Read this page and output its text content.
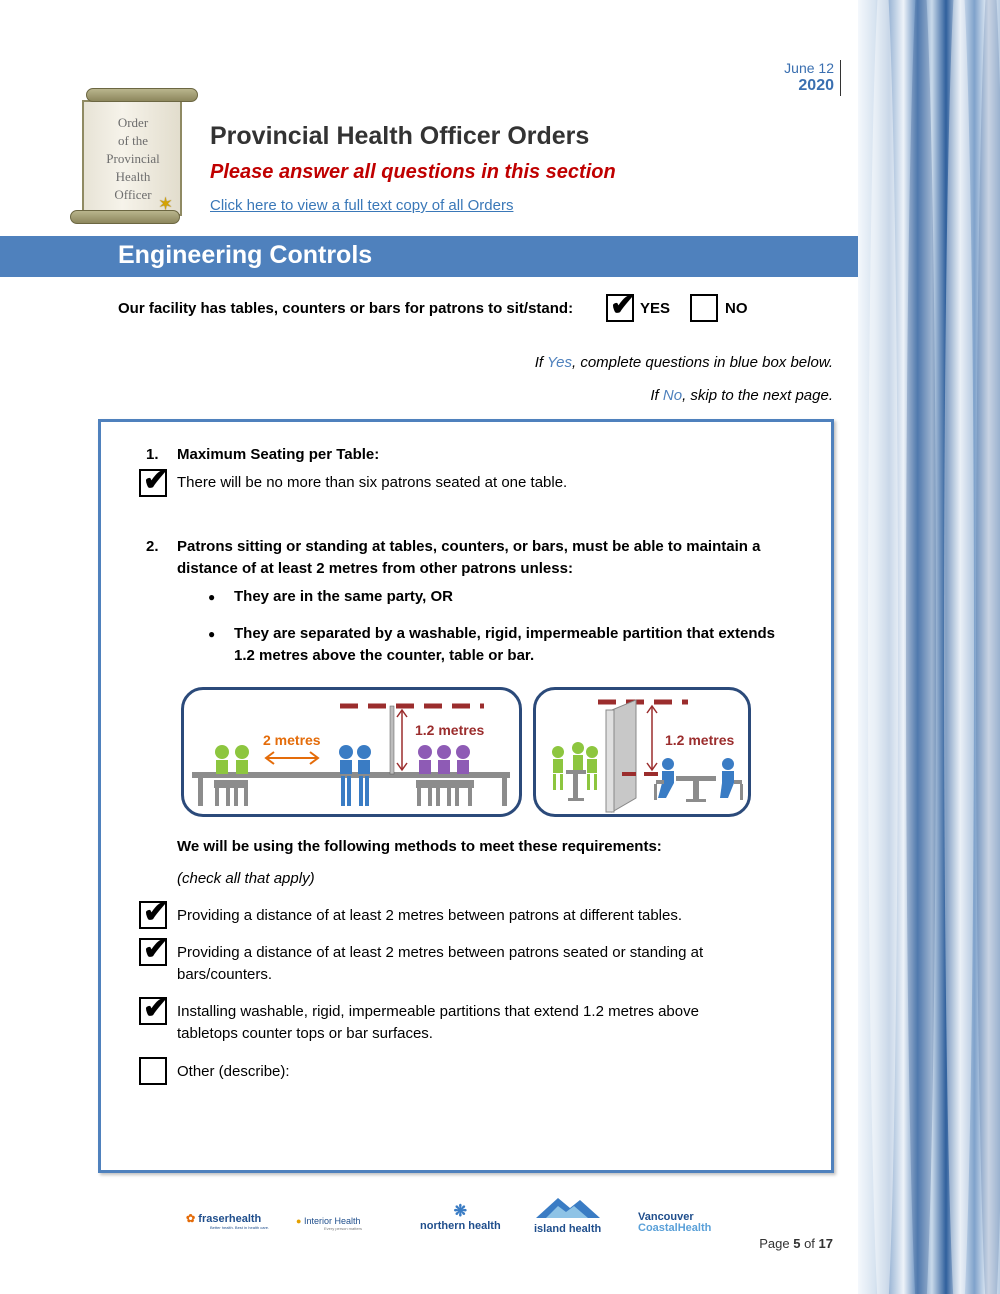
June 12
2020
Order
of the
Provincial
Health
Officer ✶
Provincial Health Officer Orders
Please answer all questions in this section
Click here to view a full text copy of all Orders
Engineering Controls
Our facility has tables, counters or bars for patrons to sit/stand: ✔ YES	NO
If Yes, complete questions in blue box below.
If No, skip to the next page.
1. Maximum Seating per Table:
✔ There will be no more than six patrons seated at one table.
2. Patrons sitting or standing at tables, counters, or bars, must be able to maintain a
distance of at least 2 metres from other patrons unless:
● They are in the same party, OR
● They are separated by a washable, rigid, impermeable partition that extends
1.2 metres above the counter, table or bar.
2 metres
1.2 metres
1.2 metres
We will be using the following methods to meet these requirements:
(check all that apply)
✔ Providing a distance of at least 2 metres between patrons at different tables.
✔ Providing a distance of at least 2 metres between patrons seated or standing at
bars/counters.
✔ Installing washable, rigid, impermeable partitions that extend 1.2 metres above
tabletops counter tops or bar surfaces.
Other (describe):
✿ fraserhealth
Better health. Best in health care.
● Interior Health
Every person matters
❋
northern health	island health
Vancouver
CoastalHealth
Page 5 of 17
